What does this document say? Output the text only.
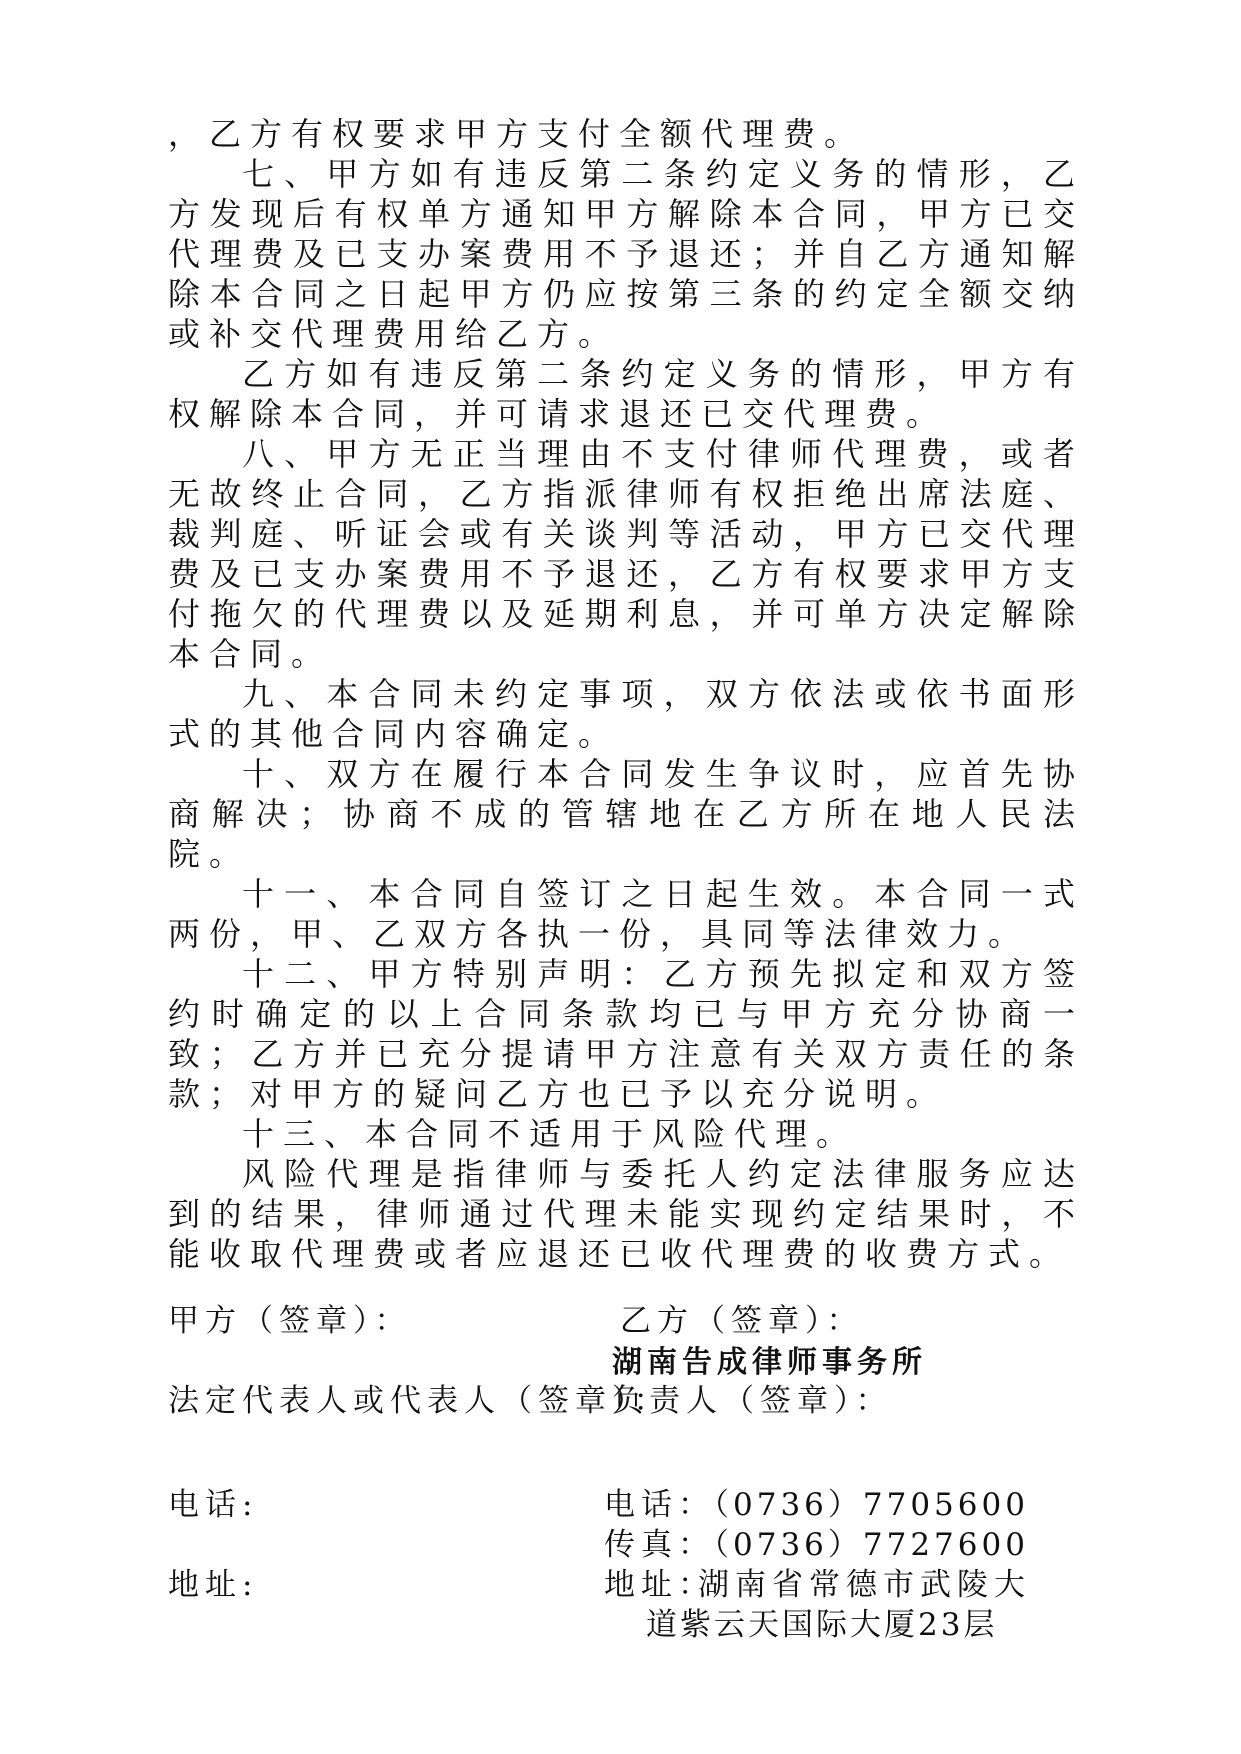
，乙方有权要求甲方支付全额代理费。

七、甲方如有违反第二条约定义务的情形，乙方发现后有权单方通知甲方解除本合同，甲方已交代理费及已支办案费用不予退还；并自乙方通知解除本合同之日起甲方仍应按第三条的约定全额交纳或补交代理费用给乙方。

乙方如有违反第二条约定义务的情形，甲方有权解除本合同，并可请求退还已交代理费。

八、甲方无正当理由不支付律师代理费，或者无故终止合同，乙方指派律师有权拒绝出席法庭、裁判庭、听证会或有关谈判等活动，甲方已交代理费及已支办案费用不予退还，乙方有权要求甲方支付拖欠的代理费以及延期利息，并可单方决定解除本合同。

九、本合同未约定事项，双方依法或依书面形式的其他合同内容确定。

十、双方在履行本合同发生争议时，应首先协商解决；协商不成的管辖地在乙方所在地人民法院。

十一、本合同自签订之日起生效。本合同一式两份，甲、乙双方各执一份，具同等法律效力。

十二、甲方特别声明：乙方预先拟定和双方签约时确定的以上合同条款均已与甲方充分协商一致；乙方并已充分提请甲方注意有关双方责任的条款；对甲方的疑问乙方也已予以充分说明。

十三、本合同不适用于风险代理。

风险代理是指律师与委托人约定法律服务应达到的结果，律师通过代理未能实现约定结果时，不能收取代理费或者应退还已收代理费的收费方式。

甲方（签章）：
法定代表人或代表人（签章）：
电话:
地址:
乙方（签章）：
湖南告成律师事务所
负责人（签章）：
电话：
（0736）7705600
传真：
（0736）7727600
地址：
湖南省常德市武陵大
道紫云天国际大厦23层
